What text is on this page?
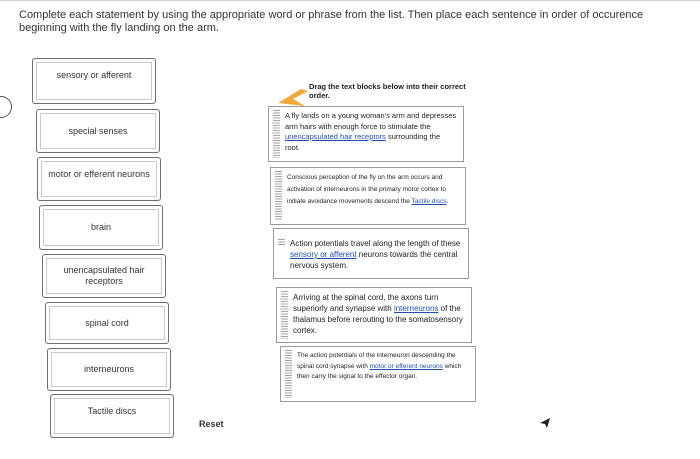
Complete each statement by using the appropriate word or phrase from the list. Then place each sentence in order of occurence beginning with the fly landing on the arm.
sensory or afferent
special senses
motor or efferent neurons
brain
unencapsulated hair receptors
spinal cord
interneurons
Tactile discs
Reset
Drag the text blocks below into their correct order.
A fly lands on a young woman's arm and depresses arm hairs with enough force to stimulate the unencapsulated hair receptors surrounding the root.
Conscious perception of the fly on the arm occurs and activation of interneurons in the primary motor cortex to initiate avoidance movements descend the Tactile discs.
Action potentials travel along the length of these sensory or afferent neurons towards the central nervous system.
Arriving at the spinal cord, the axons turn superiorly and synapse with interneurons of the thalamus before rerouting to the somatosensory cortex.
The action potentials of the interneuron descending the spinal cord synapse with motor or efferent neurons which then carry the signal to the effector organ.
